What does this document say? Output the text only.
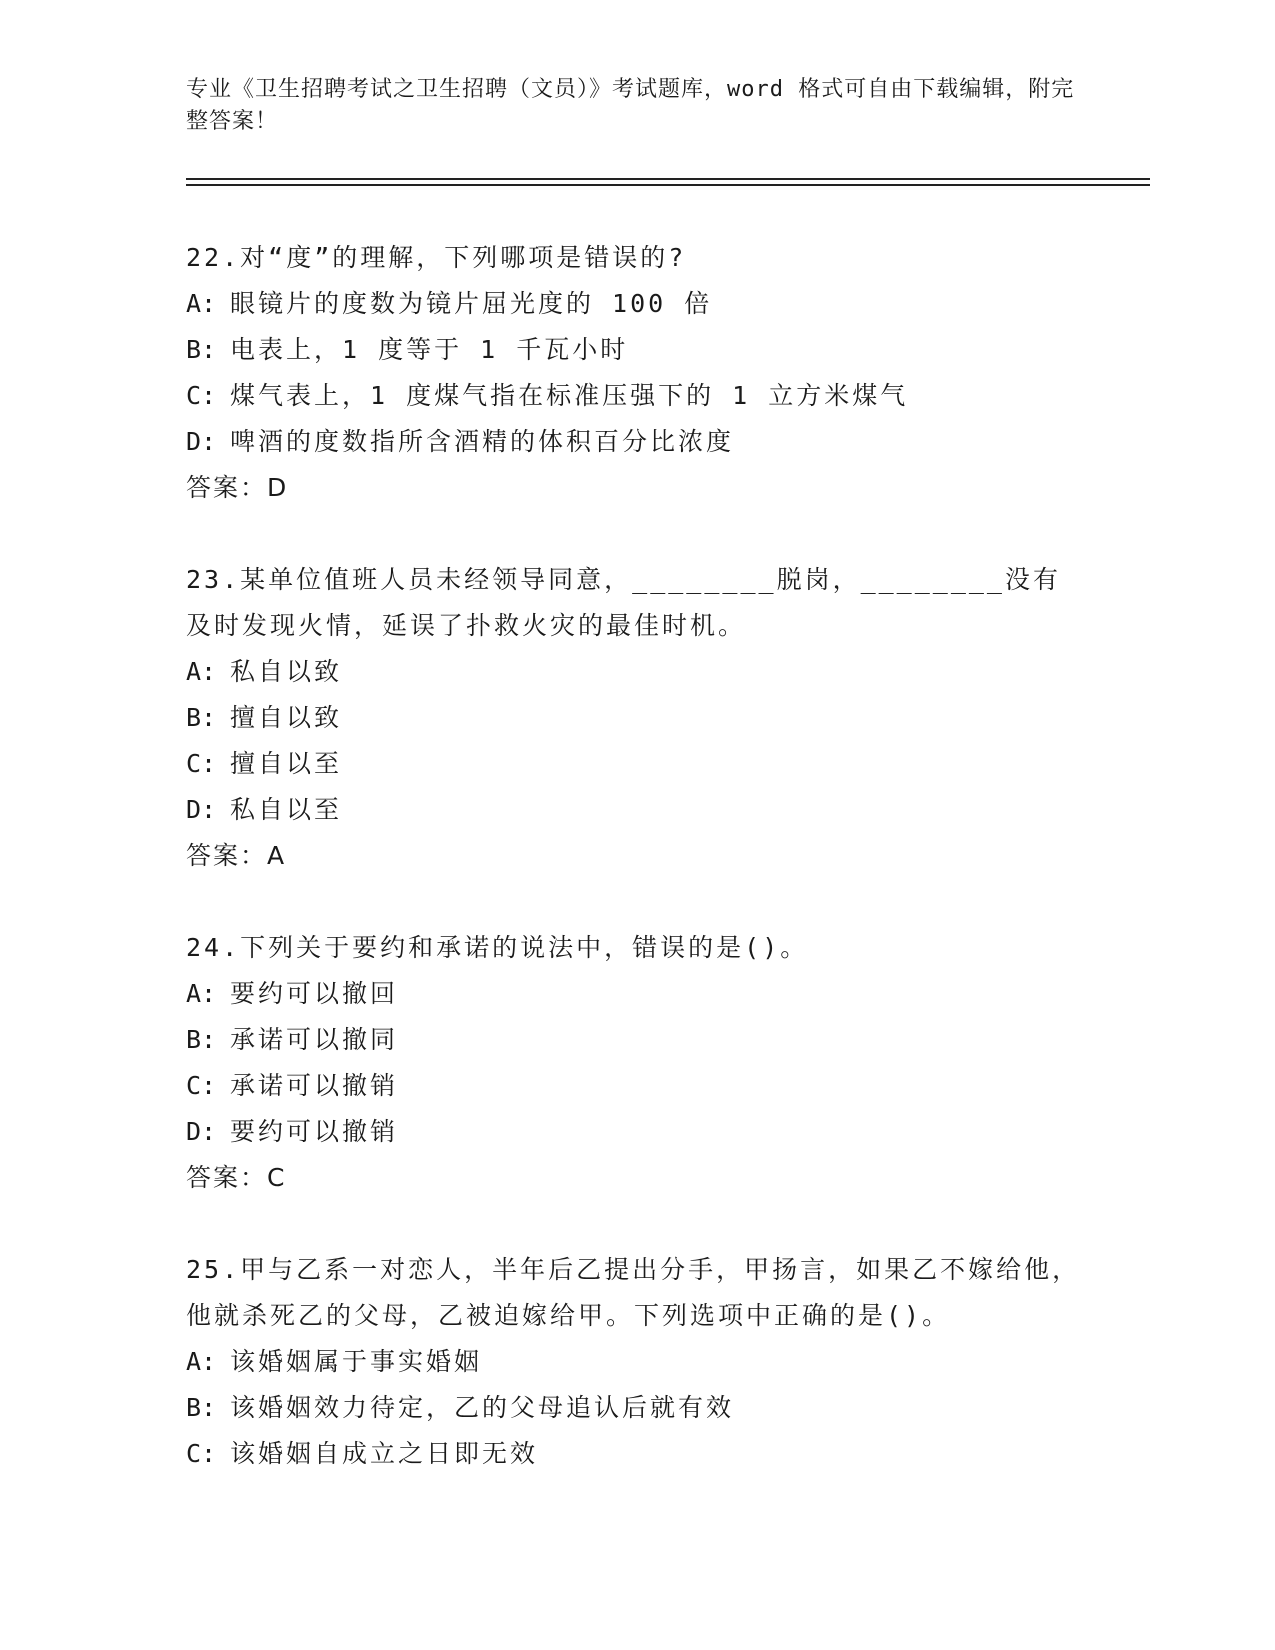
专业《卫生招聘考试之卫生招聘（文员）》考试题库，word 格式可自由下载编辑，附完整答案！

22.对“度”的理解，下列哪项是错误的?

A: 眼镜片的度数为镜片屈光度的 100 倍

B: 电表上，1 度等于 1 千瓦小时

C: 煤气表上，1 度煤气指在标准压强下的 1 立方米煤气

D: 啤酒的度数指所含酒精的体积百分比浓度

答案：D

23.某单位值班人员未经领导同意，________脱岗，________没有及时发现火情，延误了扑救火灾的最佳时机。

A: 私自以致

B: 擅自以致

C: 擅自以至

D: 私自以至

答案：A

24.下列关于要约和承诺的说法中，错误的是()。

A: 要约可以撤回

B: 承诺可以撤同

C: 承诺可以撤销

D: 要约可以撤销

答案：C

25.甲与乙系一对恋人，半年后乙提出分手，甲扬言，如果乙不嫁给他，他就杀死乙的父母，乙被迫嫁给甲。下列选项中正确的是()。

A: 该婚姻属于事实婚姻

B: 该婚姻效力待定，乙的父母追认后就有效

C: 该婚姻自成立之日即无效
